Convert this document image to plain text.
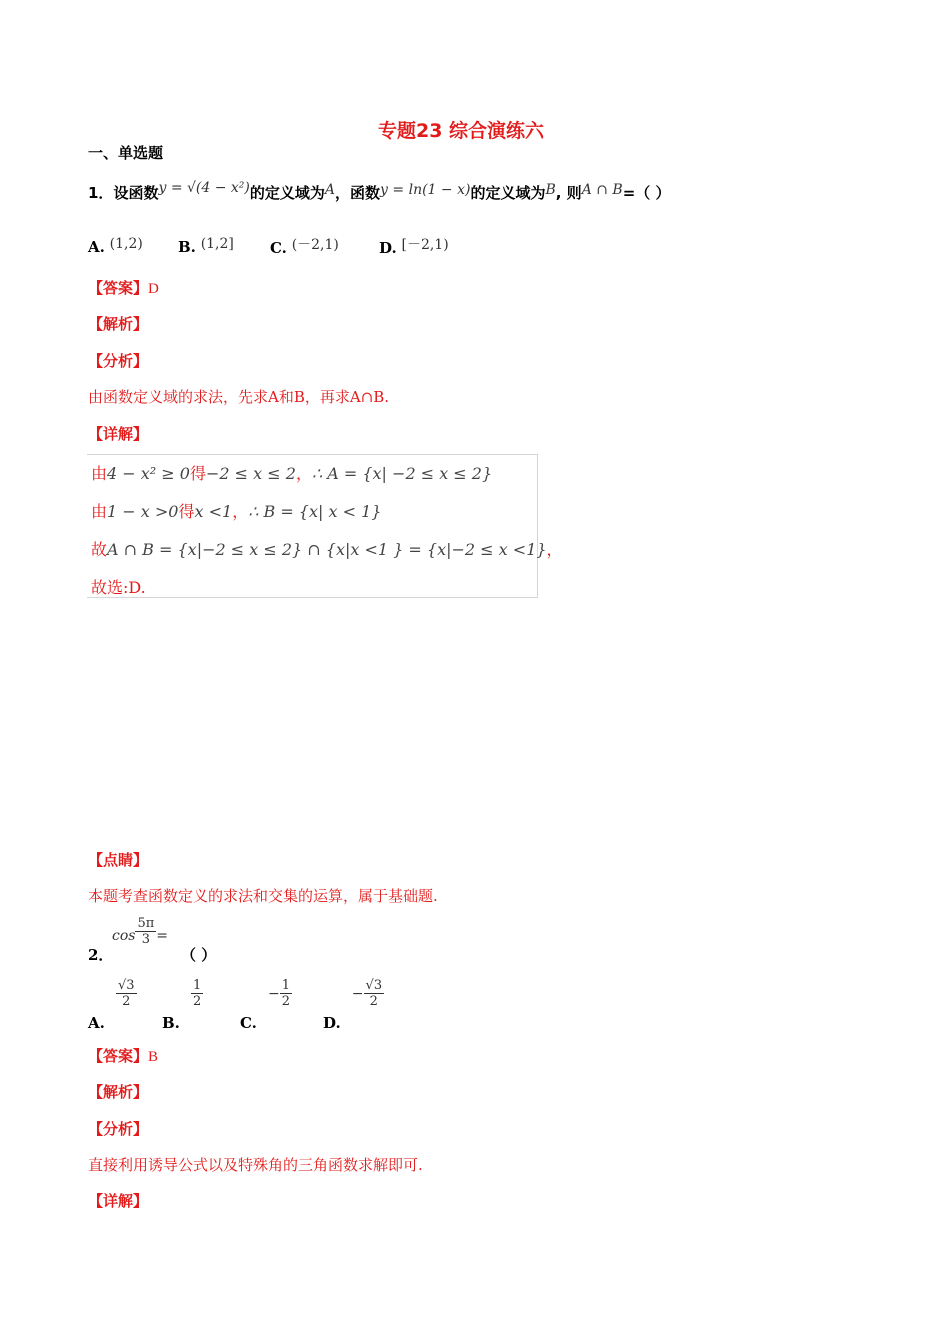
专题23 综合演练六
一、单选题
1．设函数y = √(4 − x²)的定义域为A，函数y = ln(1 − x)的定义域为B, 则A ∩ B=（ ）
A. (1,2) B. (1,2] C. (－2,1)	D. [－2,1)
【答案】D
【解析】
【分析】
由函数定义域的求法，先求A和B，再求A∩B.
【详解】
由4 − x² ≥ 0得−2 ≤ x ≤ 2，∴ A = {x| −2 ≤ x ≤ 2}
由1 − x >0得x <1，∴ B = {x| x < 1}
故A ∩ B = {x|−2 ≤ x ≤ 2} ∩ {x|x <1 } = {x|−2 ≤ x <1}，
故选:D.
【点睛】
本题考查函数定义的求法和交集的运算，属于基础题.
2．
$\cos \frac{5\pi}{3}$ =
（ ）
A.
$\frac{√3}{2}$
B.
$\frac{1}{2}$
C. − $\frac{1}{2}$
D. − $\frac{√3}{2}$
【答案】B
【解析】
【分析】
直接利用诱导公式以及特殊角的三角函数求解即可.
【详解】
